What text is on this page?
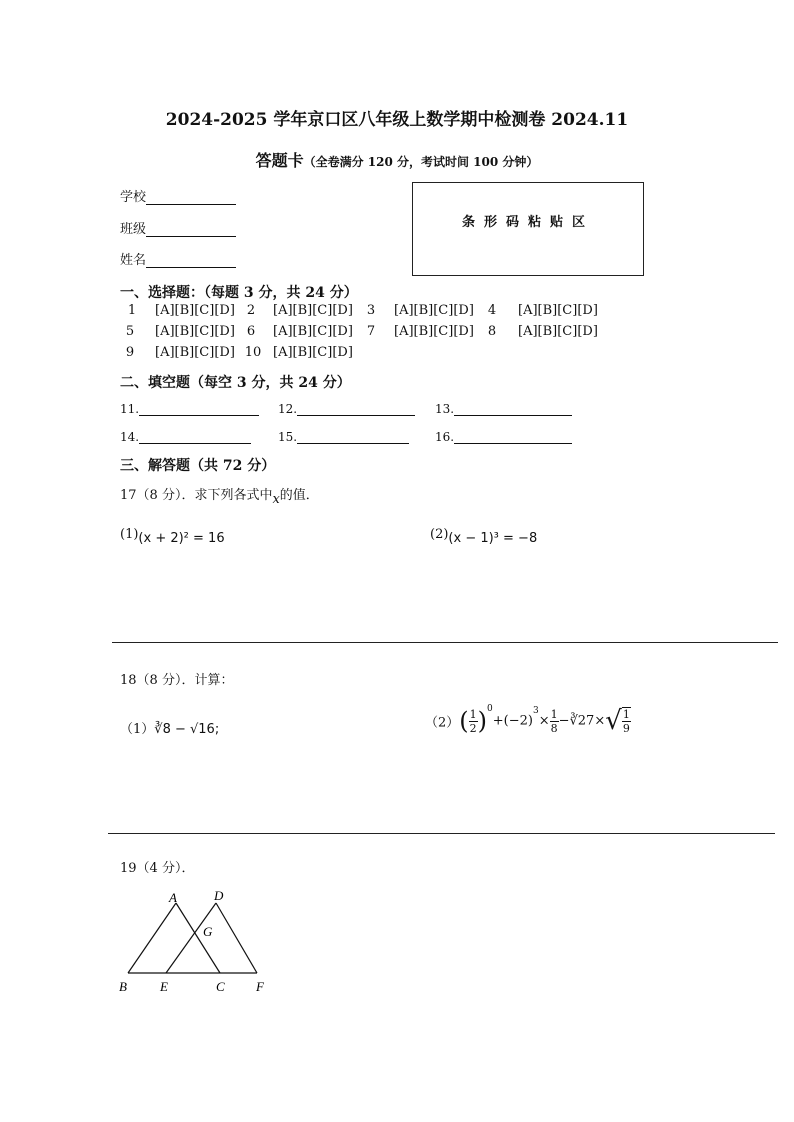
2024-2025 学年京口区八年级上数学期中检测卷 2024.11
答题卡（全卷满分 120 分，考试时间 100 分钟）
学校
班级
姓名
条形码粘贴区
一、选择题：（每题 3 分，共 24 分）
1 [A][B][C][D] 2 [A][B][C][D] 3 [A][B][C][D] 4 [A][B][C][D]
5 [A][B][C][D] 6 [A][B][C][D] 7 [A][B][C][D] 8 [A][B][C][D]
9 [A][B][C][D] 10 [A][B][C][D]
二、填空题（每空 3 分，共 24 分）
11.	12.	13.
14.	15.	16.
三、解答题（共 72 分）
17（8 分）．求下列各式中x的值．
$^{(1)}$(x + 2)² = 16	$^{(2)}$(x − 1)³ = −8
18（8 分）．计算：
（1）∛8 − √16;	$(2)( \frac{1}{2} )^0+(-2)^3\times \frac{1}{8}$ −∛27×√ $\frac{1}{9}$
19（4 分）．
A	D
G
B	E	C F
